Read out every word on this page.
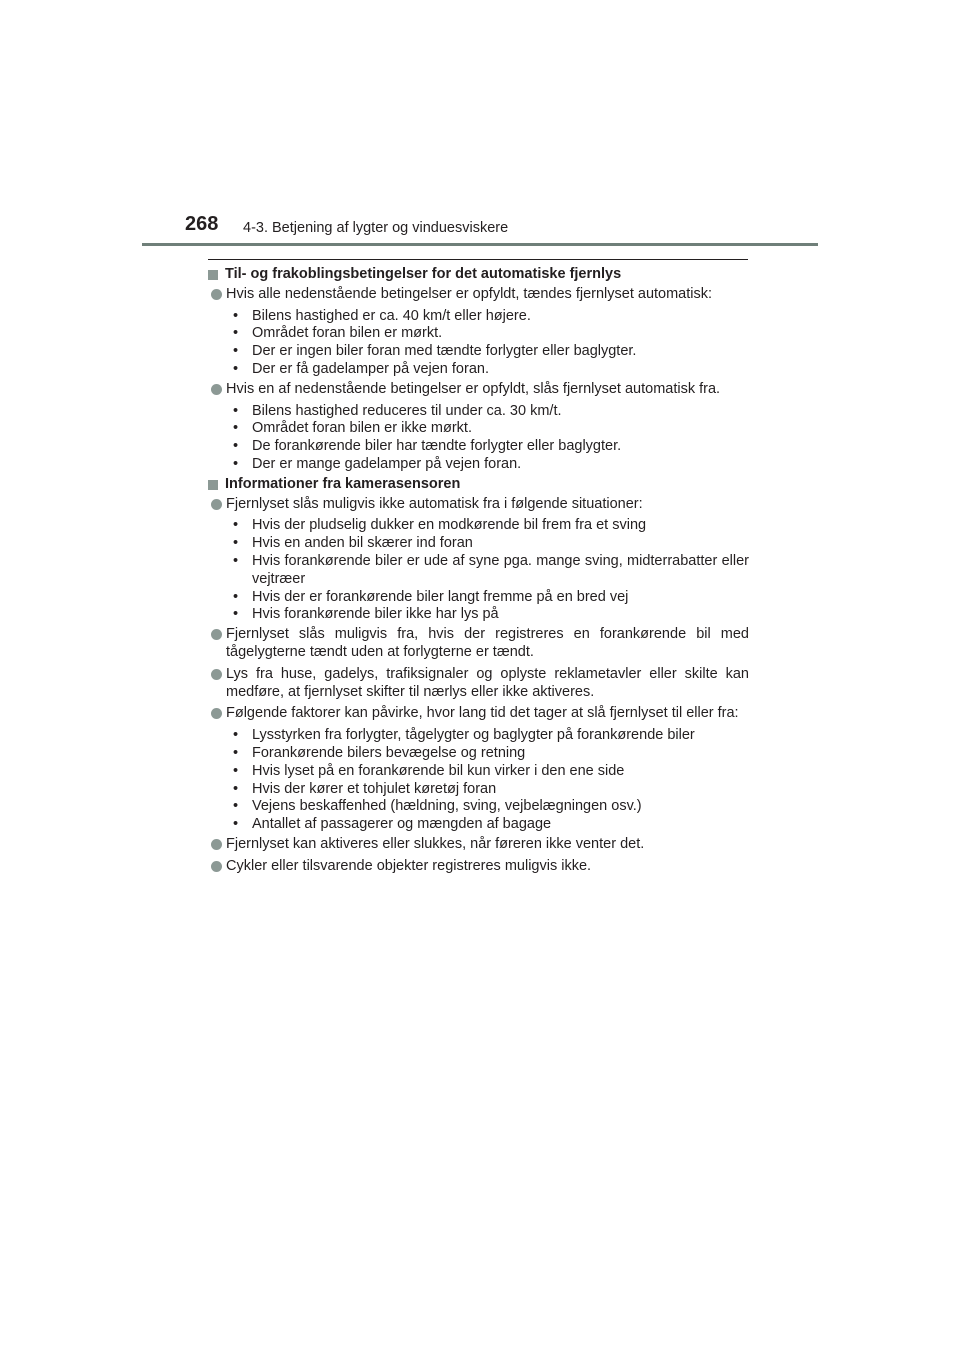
268 4-3. Betjening af lygter og vinduesviskere
Til- og frakoblingsbetingelser for det automatiske fjernlys
Hvis alle nedenstående betingelser er opfyldt, tændes fjernlyset automatisk:
• Bilens hastighed er ca. 40 km/t eller højere.
• Området foran bilen er mørkt.
• Der er ingen biler foran med tændte forlygter eller baglygter.
• Der er få gadelamper på vejen foran.
Hvis en af nedenstående betingelser er opfyldt, slås fjernlyset automatisk fra.
• Bilens hastighed reduceres til under ca. 30 km/t.
• Området foran bilen er ikke mørkt.
• De forankørende biler har tændte forlygter eller baglygter.
• Der er mange gadelamper på vejen foran.
Informationer fra kamerasensoren
Fjernlyset slås muligvis ikke automatisk fra i følgende situationer:
• Hvis der pludselig dukker en modkørende bil frem fra et sving
• Hvis en anden bil skærer ind foran
• Hvis forankørende biler er ude af syne pga. mange sving, midterrabatter eller vejtræer
• Hvis der er forankørende biler langt fremme på en bred vej
• Hvis forankørende biler ikke har lys på
Fjernlyset slås muligvis fra, hvis der registreres en forankørende bil med tågelygterne tændt uden at forlygterne er tændt.
Lys fra huse, gadelys, trafiksignaler og oplyste reklametavler eller skilte kan medføre, at fjernlyset skifter til nærlys eller ikke aktiveres.
Følgende faktorer kan påvirke, hvor lang tid det tager at slå fjernlyset til eller fra:
• Lysstyrken fra forlygter, tågelygter og baglygter på forankørende biler
• Forankørende bilers bevægelse og retning
• Hvis lyset på en forankørende bil kun virker i den ene side
• Hvis der kører et tohjulet køretøj foran
• Vejens beskaffenhed (hældning, sving, vejbelægningen osv.)
• Antallet af passagerer og mængden af bagage
Fjernlyset kan aktiveres eller slukkes, når føreren ikke venter det.
Cykler eller tilsvarende objekter registreres muligvis ikke.
